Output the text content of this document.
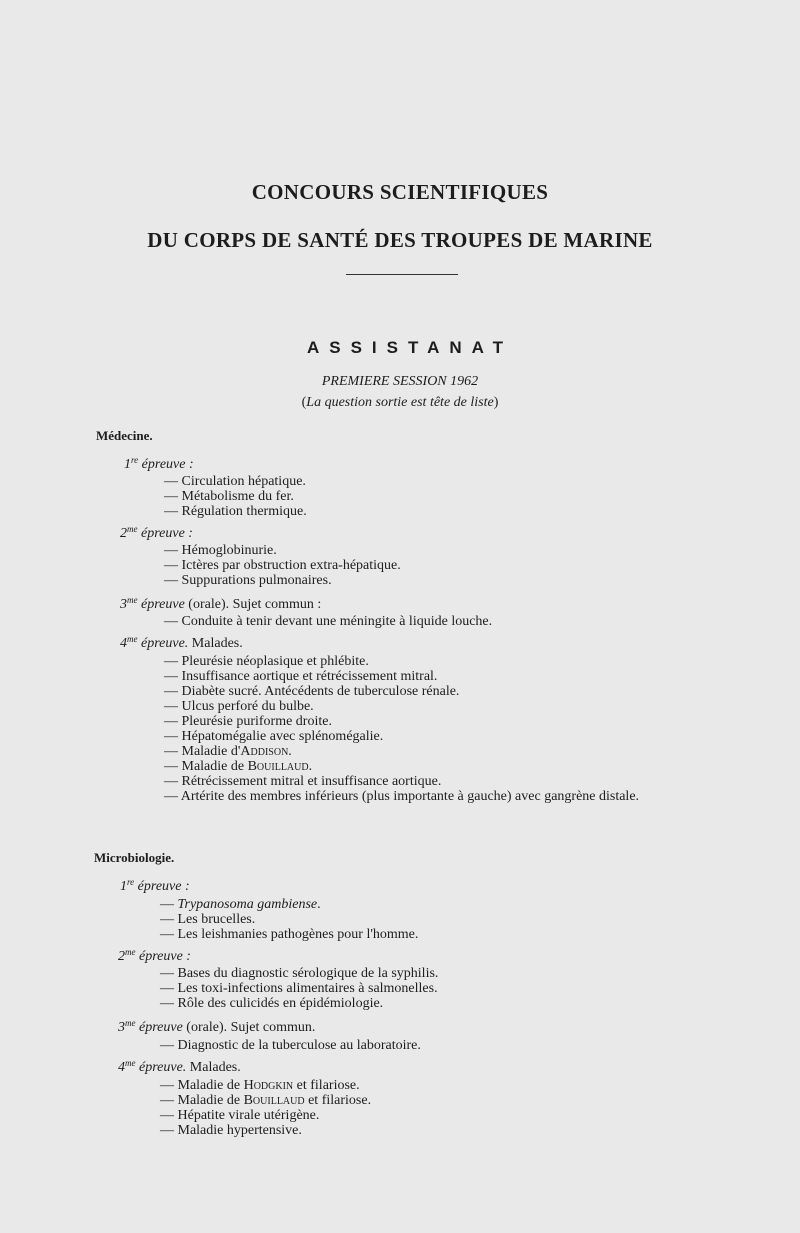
CONCOURS SCIENTIFIQUES
DU CORPS DE SANTÉ DES TROUPES DE MARINE
ASSISTANAT
PREMIERE SESSION 1962
(La question sortie est tête de liste)
Médecine.
1re épreuve :
— Circulation hépatique.
— Métabolisme du fer.
— Régulation thermique.
$2^{me}$ épreuve :
— Hémoglobinurie.
— Ictères par obstruction extra-hépatique.
— Suppurations pulmonaires.
$3^{me}$ épreuve (orale). Sujet commun :
— Conduite à tenir devant une méningite à liquide louche.
$4^{me}$ épreuve. Malades.
— Pleurésie néoplasique et phlébite.
— Insuffisance aortique et rétrécissement mitral.
— Diabète sucré. Antécédents de tuberculose rénale.
— Ulcus perforé du bulbe.
— Pleurésie puriforme droite.
— Hépatomégalie avec splénomégalie.
— Maladie d'Addison.
— Maladie de Bouillaud.
— Rétrécissement mitral et insuffisance aortique.
— Artérite des membres inférieurs (plus importante à gauche) avec gangrène distale.
Microbiologie.
1re épreuve :
— Trypanosoma gambiense.
— Les brucelles.
— Les leishmanies pathogènes pour l'homme.
$2^{me}$ épreuve :
— Bases du diagnostic sérologique de la syphilis.
— Les toxi-infections alimentaires à salmonelles.
— Rôle des culicidés en épidémiologie.
$3^{me}$ épreuve (orale). Sujet commun.
— Diagnostic de la tuberculose au laboratoire.
$4^{me}$ épreuve. Malades.
— Maladie de Hodgkin et filariose.
— Maladie de Bouillaud et filariose.
— Hépatite virale utérigène.
— Maladie hypertensive.
